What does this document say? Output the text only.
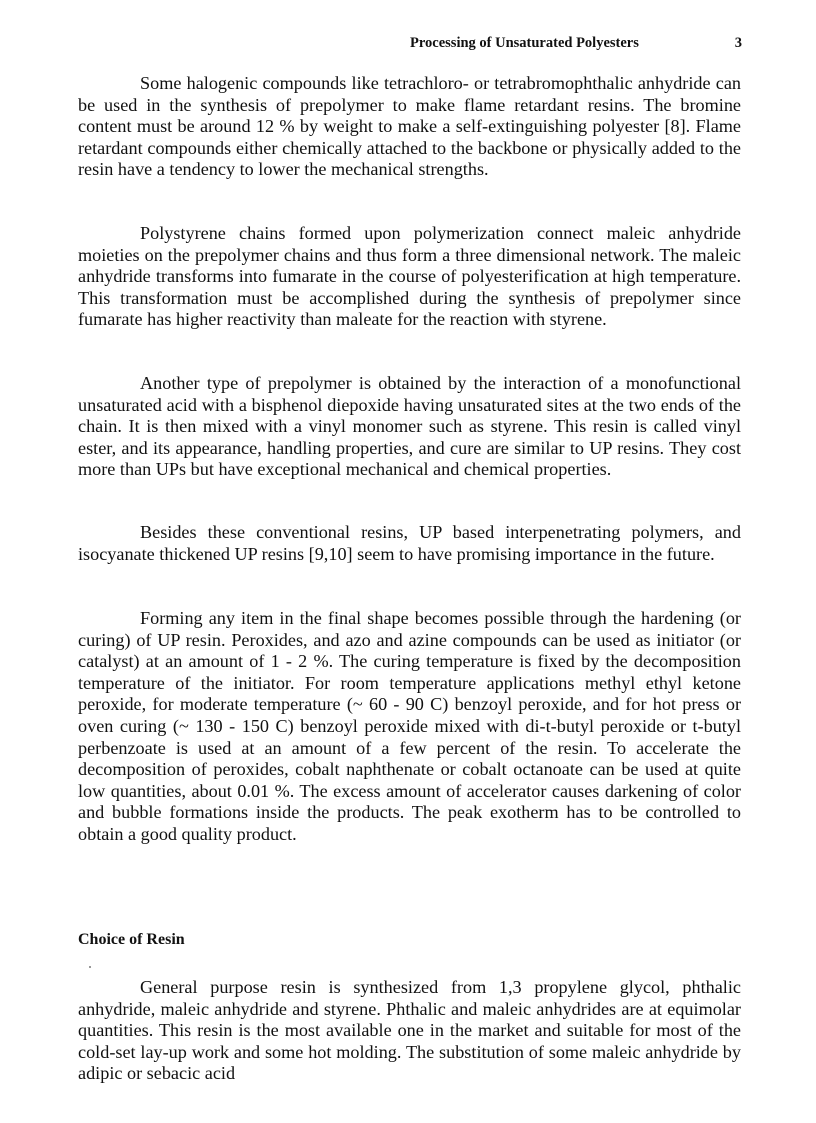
Processing of Unsaturated Polyesters	3

Some halogenic compounds like tetrachloro- or tetrabromophthalic anhydride can be used in the synthesis of prepolymer to make flame retardant resins. The bromine content must be around 12 % by weight to make a self-extinguishing polyester [8]. Flame retardant compounds either chemically attached to the backbone or physically added to the resin have a tendency to lower the mechanical strengths.

Polystyrene chains formed upon polymerization connect maleic anhydride moieties on the prepolymer chains and thus form a three dimensional network. The maleic anhydride transforms into fumarate in the course of polyesterification at high temperature. This transformation must be accomplished during the synthesis of prepolymer since fumarate has higher reactivity than maleate for the reaction with styrene.

Another type of prepolymer is obtained by the interaction of a monofunctional unsaturated acid with a bisphenol diepoxide having unsaturated sites at the two ends of the chain. It is then mixed with a vinyl monomer such as styrene. This resin is called vinyl ester, and its appearance, handling properties, and cure are similar to UP resins. They cost more than UPs but have exceptional mechanical and chemical properties.

Besides these conventional resins, UP based interpenetrating polymers, and isocyanate thickened UP resins [9,10] seem to have promising importance in the future.

Forming any item in the final shape becomes possible through the hardening (or curing) of UP resin. Peroxides, and azo and azine compounds can be used as initiator (or catalyst) at an amount of 1 - 2 %. The curing temperature is fixed by the decomposition temperature of the initiator. For room temperature applications methyl ethyl ketone peroxide, for moderate temperature (~ 60 - 90 C) benzoyl peroxide, and for hot press or oven curing (~ 130 - 150 C) benzoyl peroxide mixed with di-t-butyl peroxide or t-butyl perbenzoate is used at an amount of a few percent of the resin. To accelerate the decomposition of peroxides, cobalt naphthenate or cobalt octanoate can be used at quite low quantities, about 0.01 %. The excess amount of accelerator causes darkening of color and bubble formations inside the products. The peak exotherm has to be controlled to obtain a good quality product.

Choice of Resin

General purpose resin is synthesized from 1,3 propylene glycol, phthalic anhydride, maleic anhydride and styrene. Phthalic and maleic anhydrides are at equimolar quantities. This resin is the most available one in the market and suitable for most of the cold-set lay-up work and some hot molding. The substitution of some maleic anhydride by adipic or sebacic acid
